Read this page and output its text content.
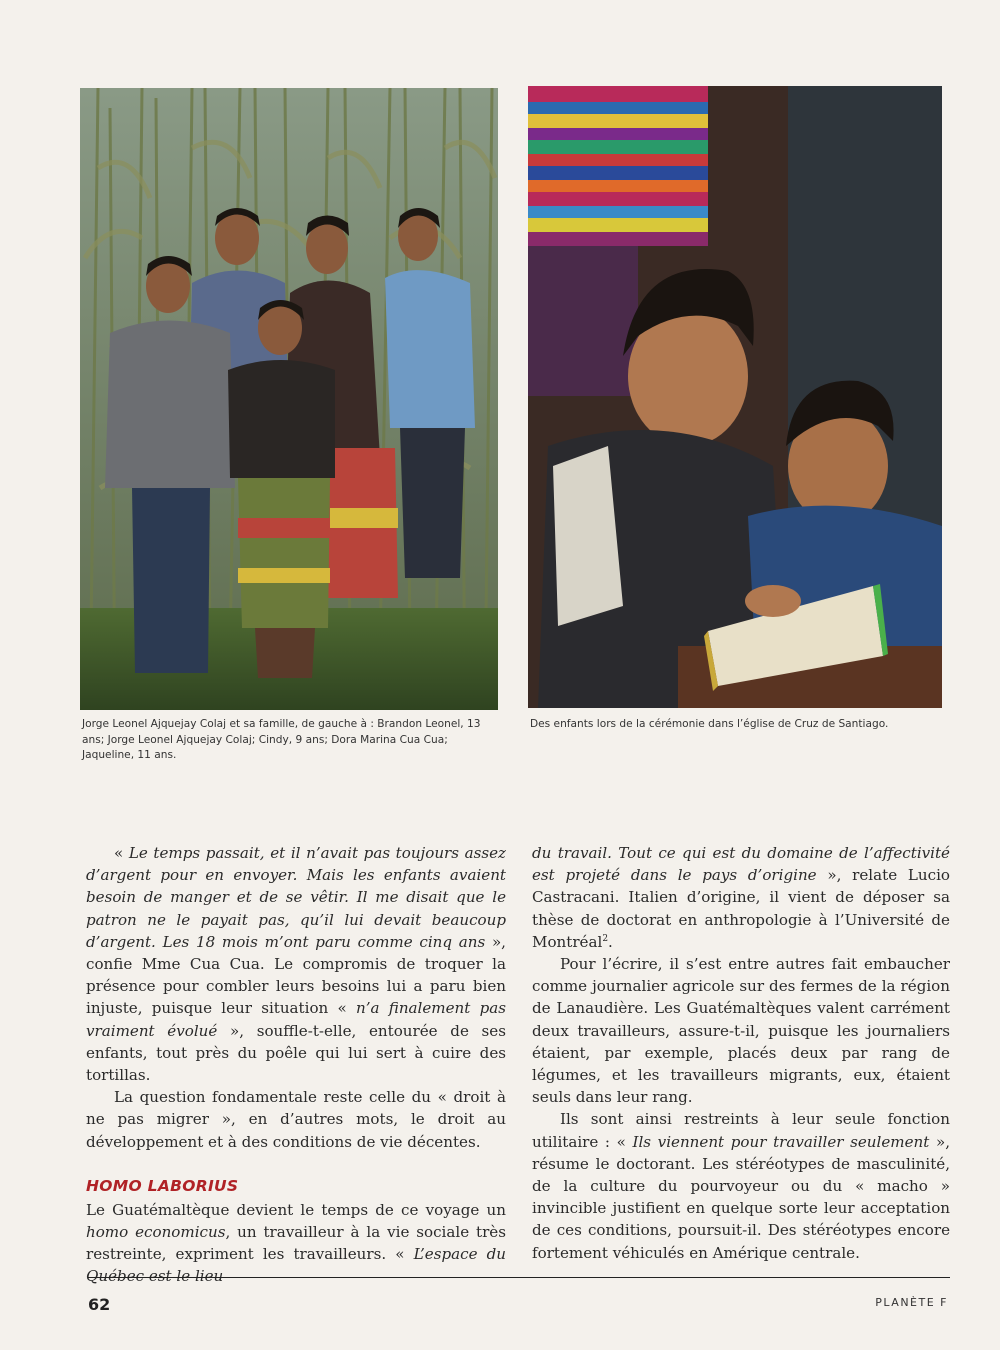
Jorge Leonel Ajquejay Colaj et sa famille, de gauche à : Brandon Leonel, 13 ans; Jorge Leonel Ajquejay Colaj; Cindy, 9 ans; Dora Marina Cua Cua; Jaqueline, 11 ans.
Des enfants lors de la cérémonie dans l’église de Cruz de Santiago.

« Le temps passait, et il n’avait pas toujours assez d’argent pour en envoyer. Mais les enfants avaient besoin de manger et de se vêtir. Il me disait que le patron ne le payait pas, qu’il lui devait beaucoup d’argent. Les 18 mois m’ont paru comme cinq ans », confie Mme Cua Cua. Le compromis de troquer la présence pour combler leurs besoins lui a paru bien injuste, puisque leur situation « n’a finalement pas vraiment évolué », souffle-t-elle, entourée de ses enfants, tout près du poêle qui lui sert à cuire des tortillas.

La question fondamentale reste celle du « droit à ne pas migrer », en d’autres mots, le droit au développement et à des conditions de vie décentes.

HOMO LABORIUS

Le Guatémaltèque devient le temps de ce voyage un homo economicus, un travailleur à la vie sociale très restreinte, expriment les travailleurs. « L’espace du Québec est le lieu

du travail. Tout ce qui est du domaine de l’affectivité est projeté dans le pays d’origine », relate Lucio Castracani. Italien d’origine, il vient de déposer sa thèse de doctorat en anthropologie à l’Université de Montréal$^2$.

Pour l’écrire, il s’est entre autres fait embaucher comme journalier agricole sur des fermes de la région de Lanaudière. Les Guatémaltèques valent carrément deux travailleurs, assure-t-il, puisque les journaliers étaient, par exemple, placés deux par rang de légumes, et les travailleurs migrants, eux, étaient seuls dans leur rang.

Ils sont ainsi restreints à leur seule fonction utilitaire : « Ils viennent pour travailler seulement », résume le doctorant. Les stéréotypes de masculinité, de la culture du pourvoyeur ou du « macho » invincible justifient en quelque sorte leur acceptation de ces conditions, poursuit-il. Des stéréotypes encore fortement véhiculés en Amérique centrale.

62	PLANÈTE F
